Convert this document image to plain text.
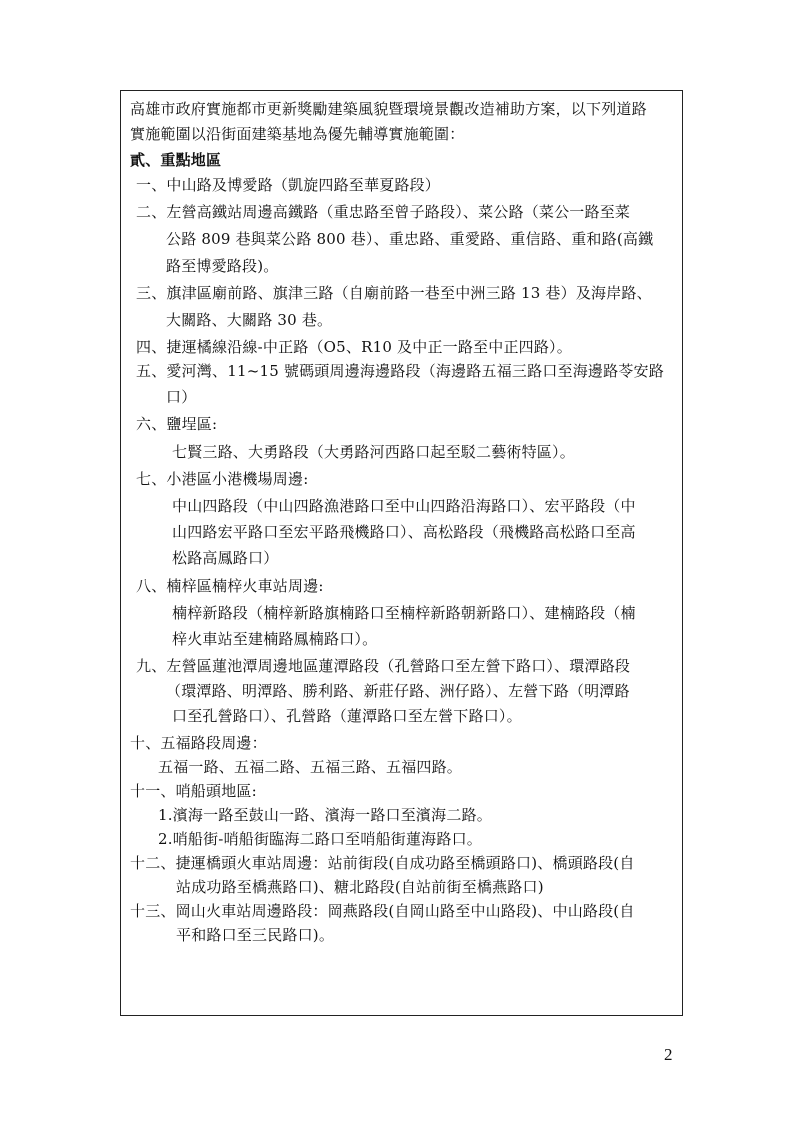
高雄市政府實施都市更新獎勵建築風貌暨環境景觀改造補助方案，以下列道路
實施範圍以沿街面建築基地為優先輔導實施範圍：
貳、重點地區
一、中山路及博愛路（凱旋四路至華夏路段）
二、左營高鐵站周邊高鐵路（重忠路至曾子路段）、菜公路（菜公一路至菜
公路 809 巷與菜公路 800 巷）、重忠路、重愛路、重信路、重和路(高鐵
路至博愛路段)。
三、旗津區廟前路、旗津三路（自廟前路一巷至中洲三路 13 巷）及海岸路、
大關路、大關路 30 巷。
四、捷運橘線沿線-中正路（O5、R10 及中正一路至中正四路）。
五、愛河灣、11~15 號碼頭周邊海邊路段（海邊路五福三路口至海邊路苓安路
口）
六、鹽埕區:
七賢三路、大勇路段（大勇路河西路口起至駁二藝術特區）。
七、小港區小港機場周邊:
中山四路段（中山四路漁港路口至中山四路沿海路口）、宏平路段（中
山四路宏平路口至宏平路飛機路口）、高松路段（飛機路高松路口至高
松路高鳳路口）
八、楠梓區楠梓火車站周邊:
楠梓新路段（楠梓新路旗楠路口至楠梓新路朝新路口）、建楠路段（楠
梓火車站至建楠路鳳楠路口）。
九、左營區蓮池潭周邊地區蓮潭路段（孔營路口至左營下路口）、環潭路段
（環潭路、明潭路、勝利路、新莊仔路、洲仔路）、左營下路（明潭路
口至孔營路口）、孔營路（蓮潭路口至左營下路口）。
十、五福路段周邊：
五福一路、五福二路、五福三路、五福四路。
十一、哨船頭地區:
1.濱海一路至鼓山一路、濱海一路口至濱海二路。
2.哨船街-哨船街臨海二路口至哨船街蓮海路口。
十二、捷運橋頭火車站周邊：站前街段(自成功路至橋頭路口)、橋頭路段(自
站成功路至橋燕路口)、糖北路段(自站前街至橋燕路口)
十三、岡山火車站周邊路段：岡燕路段(自岡山路至中山路段)、中山路段(自
平和路口至三民路口)。
2
